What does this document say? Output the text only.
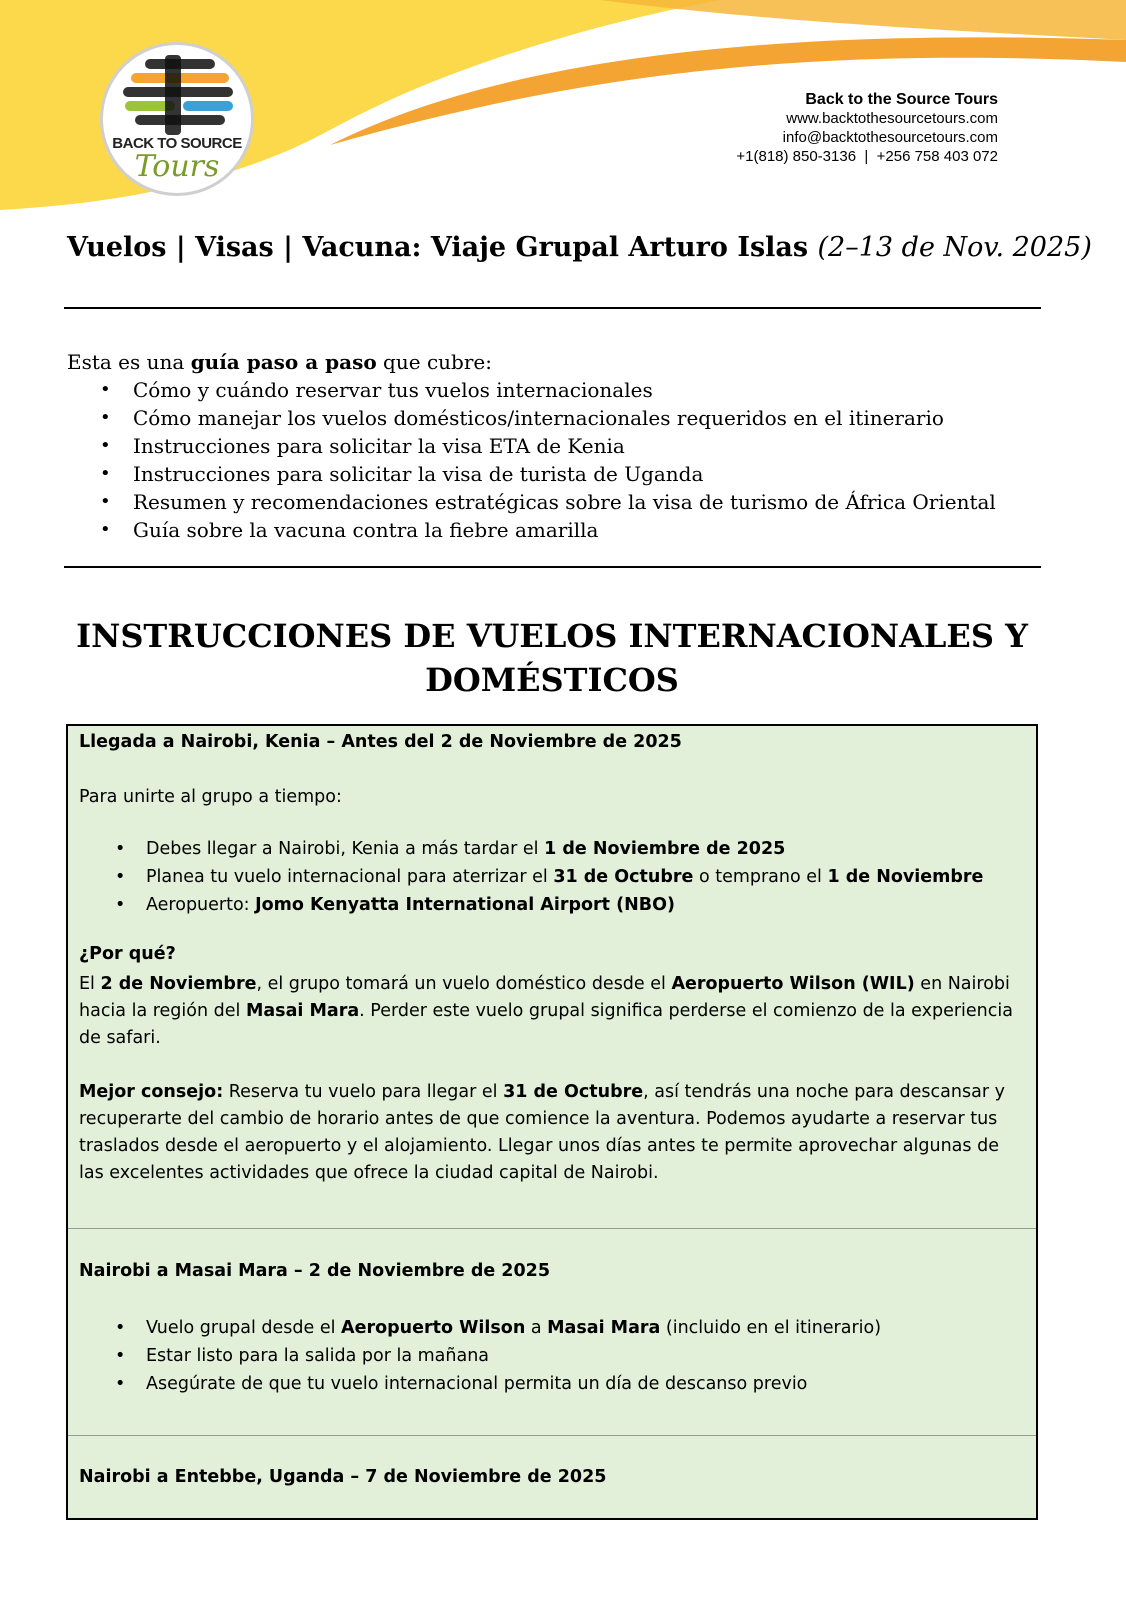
BACK TO SOURCE
Tours
Back to the Source Tours
www.backtothesourcetours.com
info@backtothesourcetours.com
+1(818) 850-3136  |  +256 758 403 072
Vuelos | Visas | Vacuna: Viaje Grupal Arturo Islas (2–13 de Nov. 2025)
Esta es una guía paso a paso que cubre:
• Cómo y cuándo reservar tus vuelos internacionales
• Cómo manejar los vuelos domésticos/internacionales requeridos en el itinerario
• Instrucciones para solicitar la visa ETA de Kenia
• Instrucciones para solicitar la visa de turista de Uganda
• Resumen y recomendaciones estratégicas sobre la visa de turismo de África Oriental
• Guía sobre la vacuna contra la fiebre amarilla
INSTRUCCIONES DE VUELOS INTERNACIONALES Y
DOMÉSTICOS
Llegada a Nairobi, Kenia – Antes del 2 de Noviembre de 2025
Para unirte al grupo a tiempo:
• Debes llegar a Nairobi, Kenia a más tardar el 1 de Noviembre de 2025
• Planea tu vuelo internacional para aterrizar el 31 de Octubre o temprano el 1 de Noviembre
• Aeropuerto: Jomo Kenyatta International Airport (NBO)
¿Por qué?
El 2 de Noviembre, el grupo tomará un vuelo doméstico desde el Aeropuerto Wilson (WIL) en Nairobi hacia la región del Masai Mara. Perder este vuelo grupal significa perderse el comienzo de la experiencia de safari.
Mejor consejo: Reserva tu vuelo para llegar el 31 de Octubre, así tendrás una noche para descansar y recuperarte del cambio de horario antes de que comience la aventura. Podemos ayudarte a reservar tus traslados desde el aeropuerto y el alojamiento. Llegar unos días antes te permite aprovechar algunas de las excelentes actividades que ofrece la ciudad capital de Nairobi.
Nairobi a Masai Mara – 2 de Noviembre de 2025
• Vuelo grupal desde el Aeropuerto Wilson a Masai Mara (incluido en el itinerario)
• Estar listo para la salida por la mañana
• Asegúrate de que tu vuelo internacional permita un día de descanso previo
Nairobi a Entebbe, Uganda – 7 de Noviembre de 2025
